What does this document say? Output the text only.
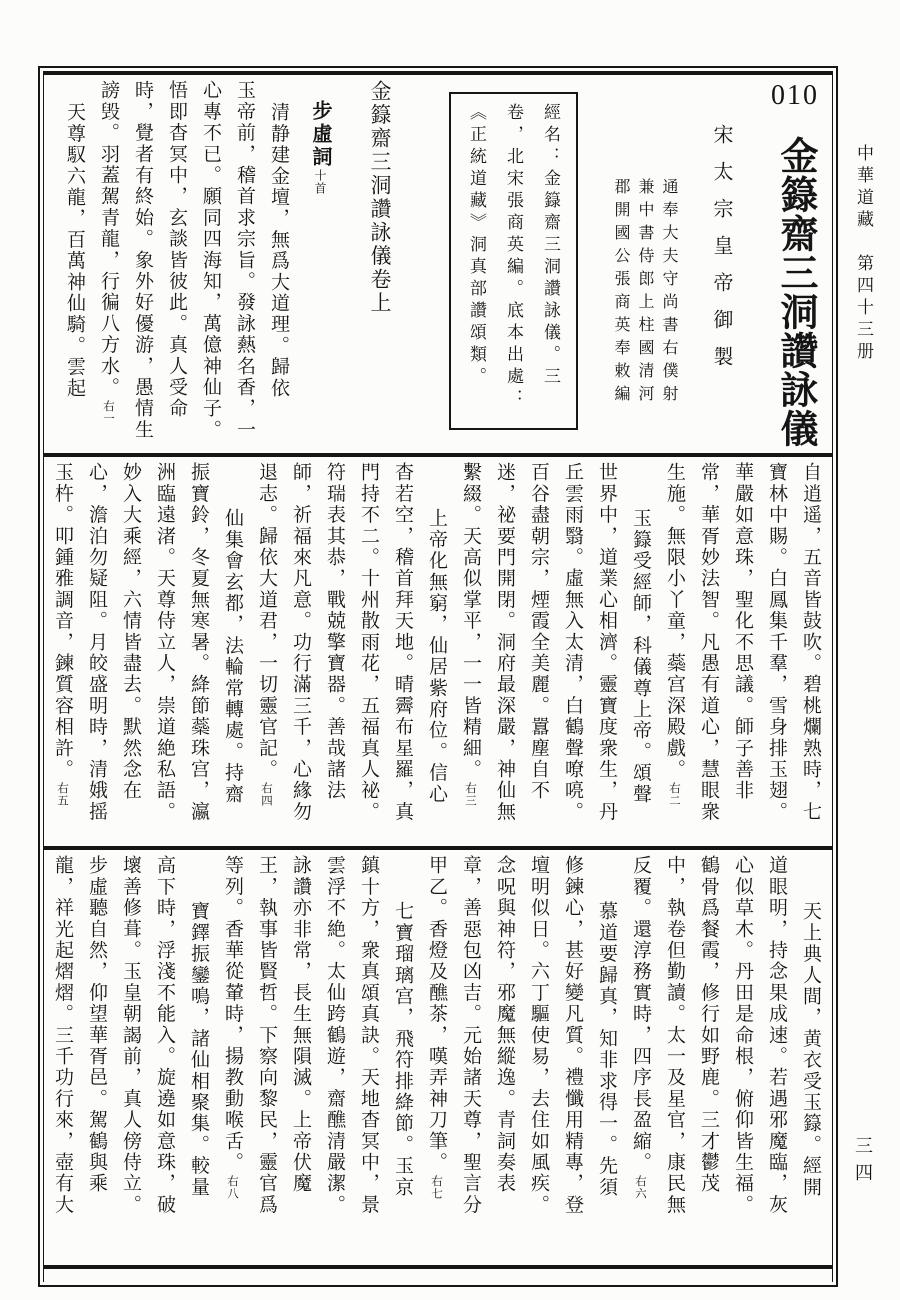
中華道藏　第四十三册
三四
010
金籙齋三洞讚詠儀
宋太宗皇帝御製
通奉大夫守尚書右僕射
兼中書侍郎上柱國清河
郡開國公張商英奉敕編
經名：金籙齋三洞讚詠儀。三
卷，北宋張商英編。底本出處：
《正統道藏》洞真部讚頌類。
金籙齋三洞讚詠儀卷上
步虛詞十首
清静建金壇，無爲大道理。歸依
玉帝前，稽首求宗旨。發詠爇名香，一
心專不已。願同四海知，萬億神仙子。
悟即杳冥中，玄談皆彼此。真人受命
時，覺者有終始。象外好優游，愚情生
謗毁。羽蓋駕青龍，行徧八方水。右一
天尊馭六龍，百萬神仙騎。雲起
自逍遥，五音皆鼓吹。碧桃爛熟時，七
寶林中賜。白鳳集千羣，雪身排玉翅。
華嚴如意珠，聖化不思議。師子善非
常，華胥妙法智。凡愚有道心，慧眼衆
生施。無限小丫童，蘂宫深殿戲。右二
玉籙受經師，科儀尊上帝。頌聲
世界中，道業心相濟。靈寶度衆生，丹
丘雲雨翳。虛無入太清，白鶴聲嘹喨。
百谷盡朝宗，煙霞全美麗。囂塵自不
迷，祕要門開閉。洞府最深嚴，神仙無
繫綴。天高似掌平，一一皆精細。右三
上帝化無窮，仙居紫府位。信心
杳若空，稽首拜天地。晴霽布星羅，真
門持不二。十州散雨花，五福真人祕。
符瑞表其恭，戰兢擎寶器。善哉諸法
師，祈福來凡意。功行滿三千，心緣勿
退志。歸依大道君，一切靈官記。右四
仙集會玄都，法輪常轉處。持齋
振寶鈴，冬夏無寒暑。絳節蘂珠宫，瀛
洲臨遠渚。天尊侍立人，崇道絶私語。
妙入大乘經，六情皆盡去。默然念在
心，澹泊勿疑阻。月皎盛明時，清娥摇
玉杵。叩鍾雅調音，鍊質容相許。右五
天上典人間，黄衣受玉籙。經開
道眼明，持念果成速。若遇邪魔臨，灰
心似草木。丹田是命根，俯仰皆生福。
鶴骨爲餐霞，修行如野鹿。三才鬱茂
中，執卷但勤讀。太一及星官，康民無
反覆。還淳務實時，四序長盈縮。右六
慕道要歸真，知非求得一。先須
修鍊心，甚好變凡質。禮懺用精專，登
壇明似日。六丁驅使易，去住如風疾。
念呪與神符，邪魔無縱逸。青詞奏表
章，善惡包凶吉。元始諸天尊，聖言分
甲乙。香燈及醮茶，嘆弄神刀筆。右七
七寶瑠璃宫，飛符排絳節。玉京
鎮十方，衆真頌真訣。天地杳冥中，景
雲浮不絶。太仙跨鶴遊，齋醮清嚴潔。
詠讚亦非常，長生無隕滅。上帝伏魔
王，執事皆賢哲。下察向黎民，靈官爲
等列。香華從輦時，揚教動喉舌。右八
寶鐸振鑾鳴，諸仙相聚集。較量
高下時，浮淺不能入。旋遶如意珠，破
壞善修葺。玉皇朝謁前，真人傍侍立。
步虛聽自然，仰望華胥邑。駕鶴與乘
龍，祥光起熠熠。三千功行來，壺有大
